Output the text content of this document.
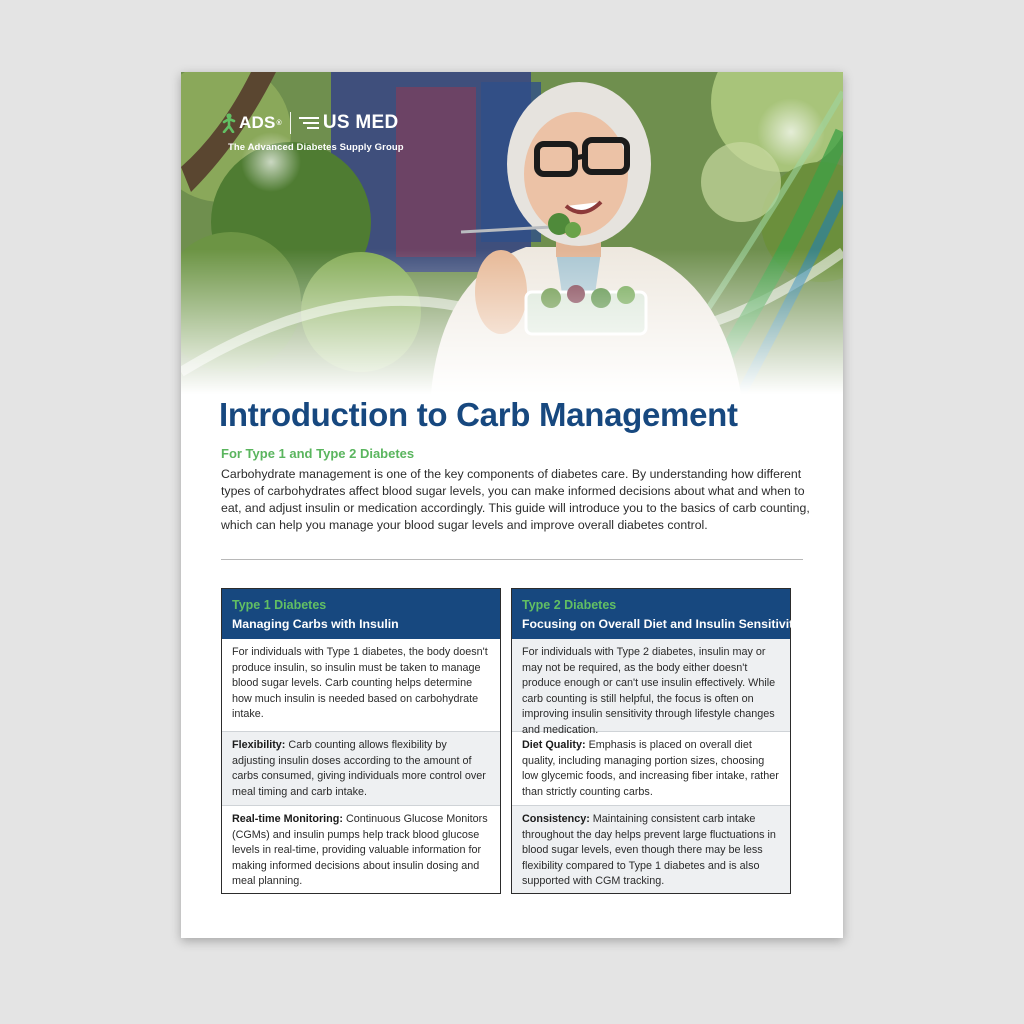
ADS ® US MED
The Advanced Diabetes Supply Group
Introduction to Carb Management

For Type 1 and Type 2 Diabetes

Carbohydrate management is one of the key components of diabetes care. By understanding how different types of carbohydrates affect blood sugar levels, you can make informed decisions about what and when to eat, and adjust insulin or medication accordingly. This guide will introduce you to the basics of carb counting, which can help you manage your blood sugar levels and improve overall diabetes control.

Type 1 Diabetes
Managing Carbs with Insulin
For individuals with Type 1 diabetes, the body doesn't produce insulin, so insulin must be taken to manage blood sugar levels. Carb counting helps determine how much insulin is needed based on carbohydrate intake.
Flexibility: Carb counting allows flexibility by adjusting insulin doses according to the amount of carbs consumed, giving individuals more control over meal timing and carb intake.
Real-time Monitoring: Continuous Glucose Monitors (CGMs) and insulin pumps help track blood glucose levels in real-time, providing valuable information for making informed decisions about insulin dosing and meal planning.
Type 2 Diabetes
Focusing on Overall Diet and Insulin Sensitivity
For individuals with Type 2 diabetes, insulin may or may not be required, as the body either doesn't produce enough or can't use insulin effectively. While carb counting is still helpful, the focus is often on improving insulin sensitivity through lifestyle changes and medication.
Diet Quality: Emphasis is placed on overall diet quality, including managing portion sizes, choosing low glycemic foods, and increasing fiber intake, rather than strictly counting carbs.
Consistency: Maintaining consistent carb intake throughout the day helps prevent large fluctuations in blood sugar levels, even though there may be less flexibility compared to Type 1 diabetes and is also supported with CGM tracking.
